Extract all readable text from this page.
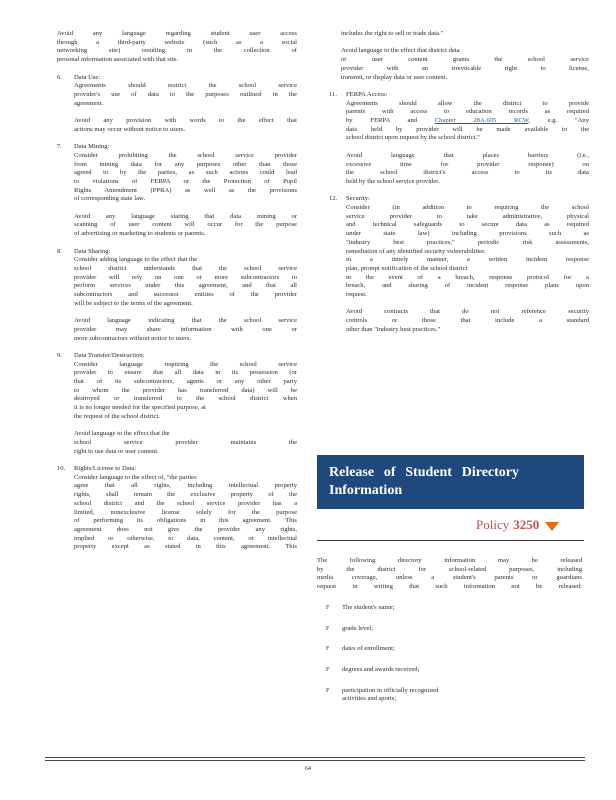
Avoid any language regarding student user access

through a third-party website (such as a social

networking site) resulting in the collection of

personal information associated with that site.

6. Data Use:

Agreements should restrict the school service

provider's use of data to the purposes outlined in the

agreement.

Avoid any provision with words to the effect that

actions may occur without notice to users.

7. Data Mining:

Consider prohibiting the school service provider

from mining data for any purposes other than those

agreed to by the parties, as such actions could lead

to violations of FERPA or the Protection of Pupil

Rights Amendment (PPRA) as well as the provisions

of corresponding state law.

Avoid any language stating that data mining or

scanning of user content will occur for the purpose

of advertising or marketing to students or parents.

8. Data Sharing:

Consider adding language to the effect that the

school district understands that the school service

provider will rely on one or more subcontractors to

perform services under this agreement, and that all

subcontractors and successor entities of the provider

will be subject to the terms of the agreement.

Avoid language indicating that the school service

provider may share information with one or

more subcontractors without notice to users.

9. Data Transfer/Destruction:

Consider language requiring the school service

provider to ensure that all data in its possession (or

that of its subcontractors, agents or any other party

to whom the provider has transferred data) will be

destroyed or transferred to the school district when

it is no longer needed for the specified purpose, at

the request of the school district.

Avoid language to the effect that the

school service provider maintains the

right to use data or user content.

10. Rights/License to Data:

Consider language to the effect of, "the parties

agree that all rights, including intellectual property

rights, shall remain the exclusive property of the

school district and the school service provider has a

limited, nonexclusive license solely for the purpose

of performing its obligations in this agreement. This

agreement does not give the provider any rights,

implied or otherwise, to data, content, or intellectual

property except as stated in this agreement. This

includes the right to sell or trade data."

Avoid language to the effect that district data

or user content grants the school service

provider with an irrevocable right to license,

transmit, or display data or user content.

11. FERPA Access:

Agreements should allow the district to provide

parents with access to education records as required

by FERPA and	Chapter 28A.605 RCW, e.g. "Any

data held by provider will be made available to the

school district upon request by the school district."

Avoid language that places barriers (i.e.,

excessive time for provider response) on

the school district's access to its data

held by the school service provider.

12. Security:

Consider (in addition to requiring the school

service provider to take administrative, physical

and technical safeguards to secure data as required

under state law) including provisions such as

"industry best practices," periodic risk assessments,

remediation of any identified security vulnerabilities

in a timely manner, a written incident response

plan, prompt notification of the school district

in the event of a breach, response protocol for a

breach, and sharing of incident response plans upon

request.

Avoid contracts that do not reference security

controls or those that include a standard

other than "industry best practices."

Release of Student Directory

Information

Policy 3250

The following directory information may be released

by the district for school-related purposes, including

media coverage, unless a student's parents or guardians

request in writing that such information not be released:

F The student's name;

F grade level;

F dates of enrollment;

F degrees and awards received;

F participation in officially recognized

activities and sports;

64
